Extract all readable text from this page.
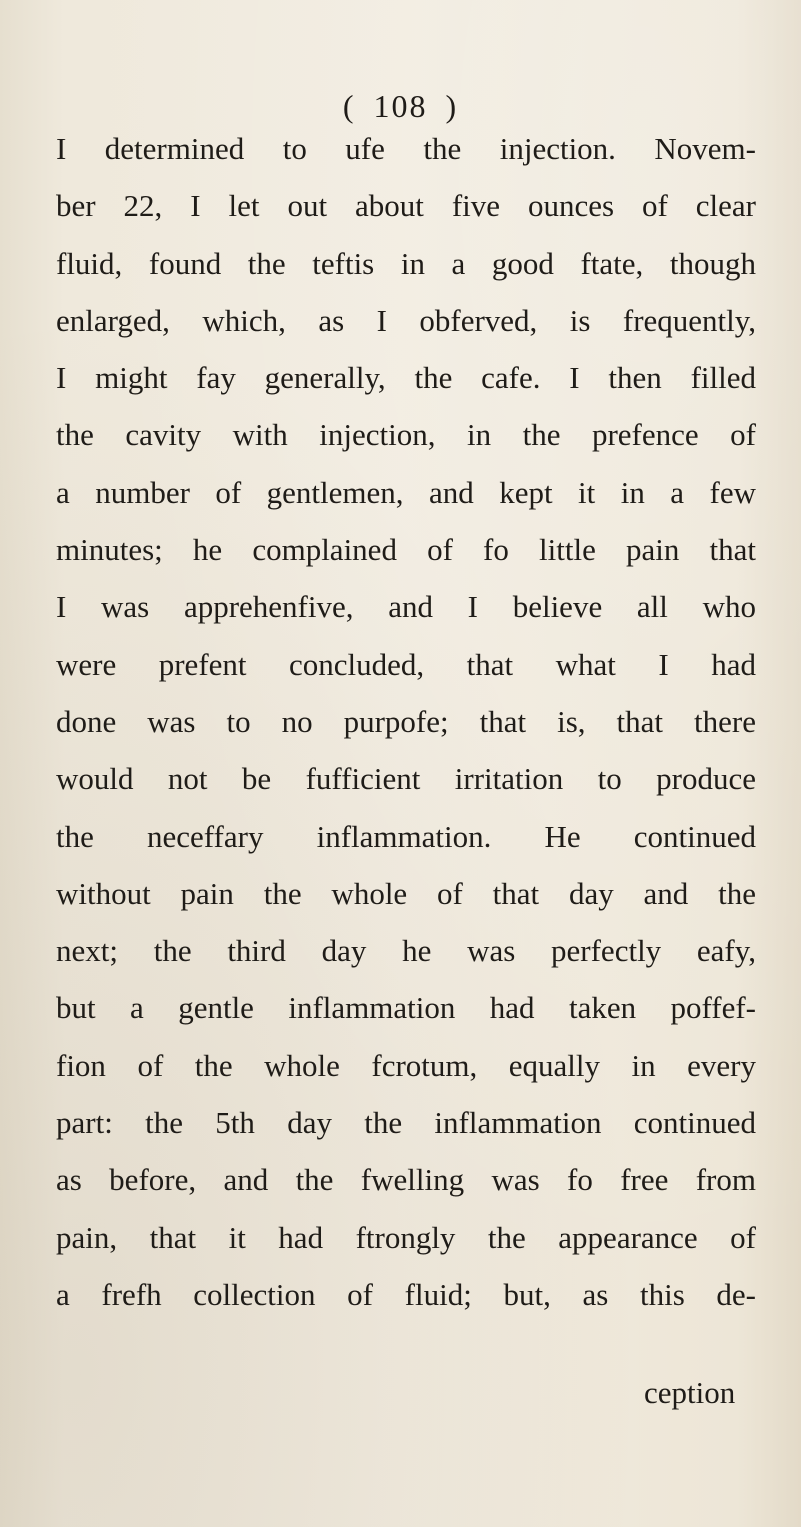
( 108 )
I determined to ufe the injection. Novem-
ber 22, I let out about five ounces of clear
fluid, found the teftis in a good ftate, though
enlarged, which, as I obferved, is frequently,
I might fay generally, the cafe. I then filled
the cavity with injection, in the prefence of
a number of gentlemen, and kept it in a few
minutes; he complained of fo little pain that
I was apprehenfive, and I believe all who
were prefent concluded, that what I had
done was to no purpofe; that is, that there
would not be fufficient irritation to produce
the neceffary inflammation. He continued
without pain the whole of that day and the
next; the third day he was perfectly eafy,
but a gentle inflammation had taken poffef-
fion of the whole fcrotum, equally in every
part: the 5th day the inflammation continued
as before, and the fwelling was fo free from
pain, that it had ftrongly the appearance of
a frefh collection of fluid; but, as this de-
ception
